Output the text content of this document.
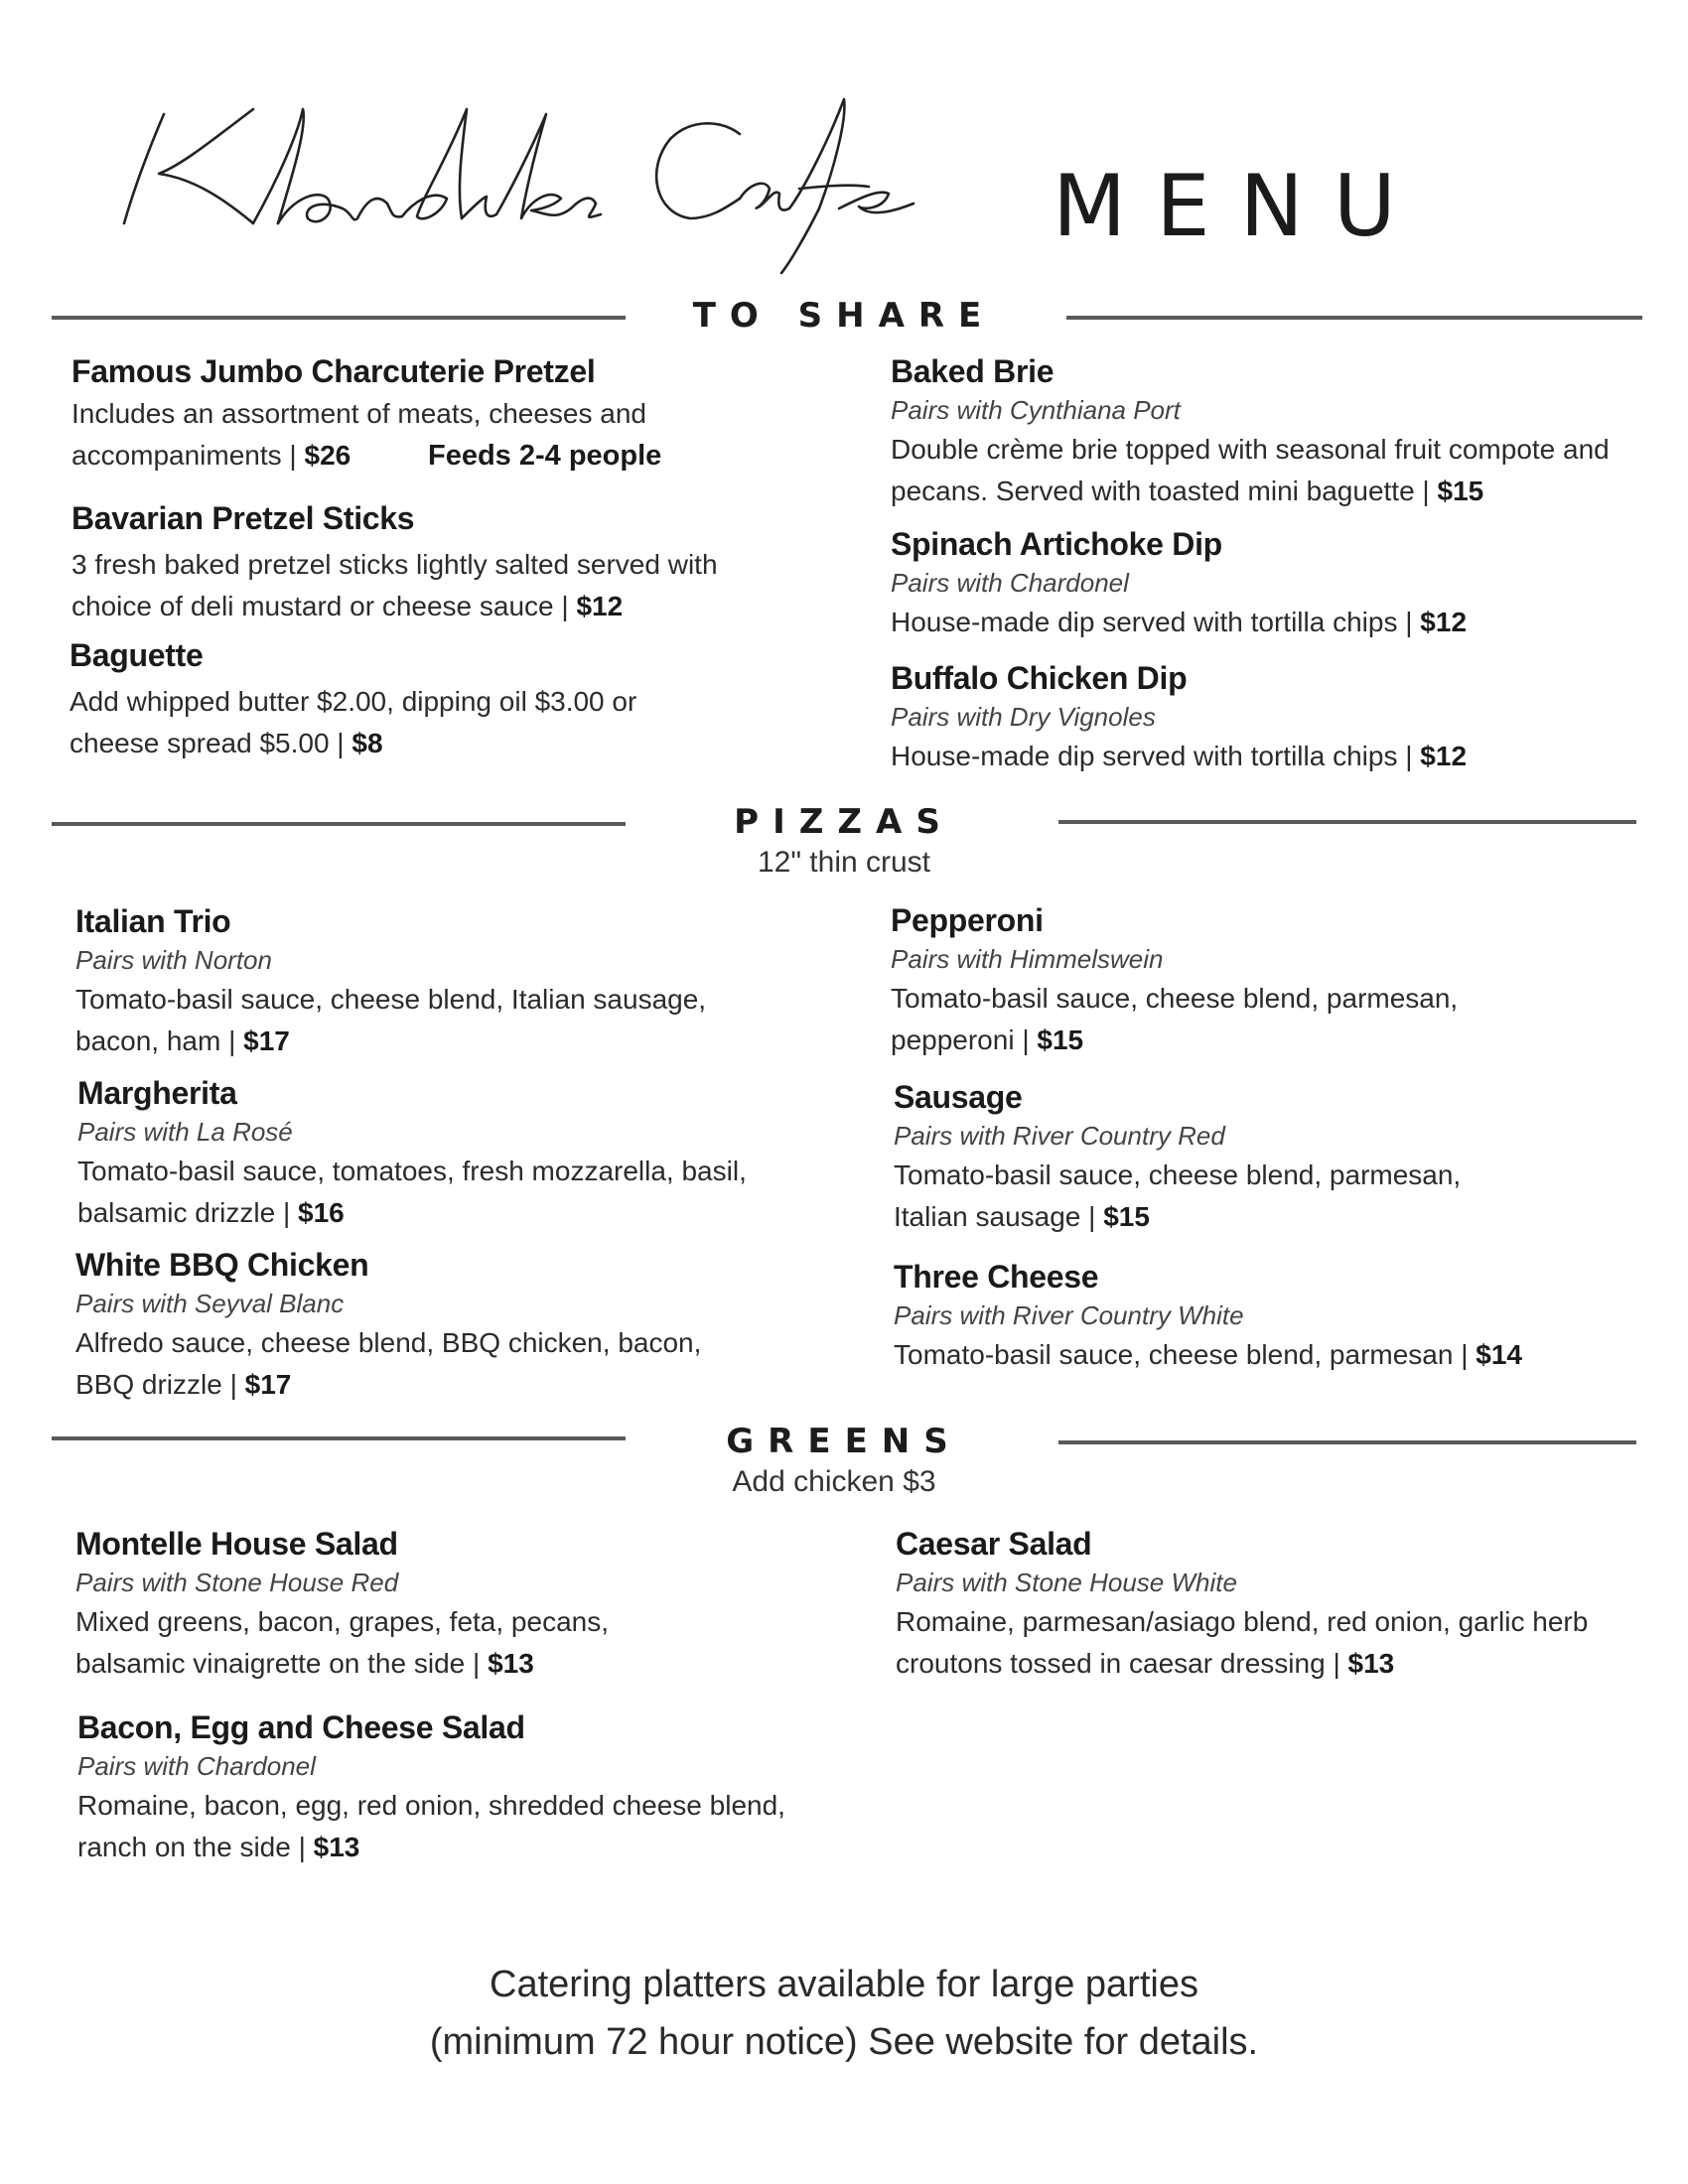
MENU
TO SHARE
Famous Jumbo Charcuterie Pretzel
Includes an assortment of meats, cheeses and accompaniments | $26	Feeds 2-4 people
Bavarian Pretzel Sticks
3 fresh baked pretzel sticks lightly salted served with choice of deli mustard or cheese sauce | $12
Baguette
Add whipped butter $2.00, dipping oil $3.00 or cheese spread $5.00 | $8
Baked Brie
Pairs with Cynthiana Port
Double crème brie topped with seasonal fruit compote and pecans. Served with toasted mini baguette | $15
Spinach Artichoke Dip
Pairs with Chardonel
House-made dip served with tortilla chips | $12
Buffalo Chicken Dip
Pairs with Dry Vignoles
House-made dip served with tortilla chips | $12
PIZZAS
12" thin crust
Italian Trio
Pairs with Norton
Tomato-basil sauce, cheese blend, Italian sausage, bacon, ham | $17
Margherita
Pairs with La Rosé
Tomato-basil sauce, tomatoes, fresh mozzarella, basil, balsamic drizzle | $16
White BBQ Chicken
Pairs with Seyval Blanc
Alfredo sauce, cheese blend, BBQ chicken, bacon, BBQ drizzle | $17
Pepperoni
Pairs with Himmelswein
Tomato-basil sauce, cheese blend, parmesan, pepperoni | $15
Sausage
Pairs with River Country Red
Tomato-basil sauce, cheese blend, parmesan, Italian sausage | $15
Three Cheese
Pairs with River Country White
Tomato-basil sauce, cheese blend, parmesan | $14
GREENS
Add chicken $3
Montelle House Salad
Pairs with Stone House Red
Mixed greens, bacon, grapes, feta, pecans, balsamic vinaigrette on the side | $13
Bacon, Egg and Cheese Salad
Pairs with Chardonel
Romaine, bacon, egg, red onion, shredded cheese blend, ranch on the side | $13
Caesar Salad
Pairs with Stone House White
Romaine, parmesan/asiago blend, red onion, garlic herb croutons tossed in caesar dressing | $13
Catering platters available for large parties
(minimum 72 hour notice) See website for details.
